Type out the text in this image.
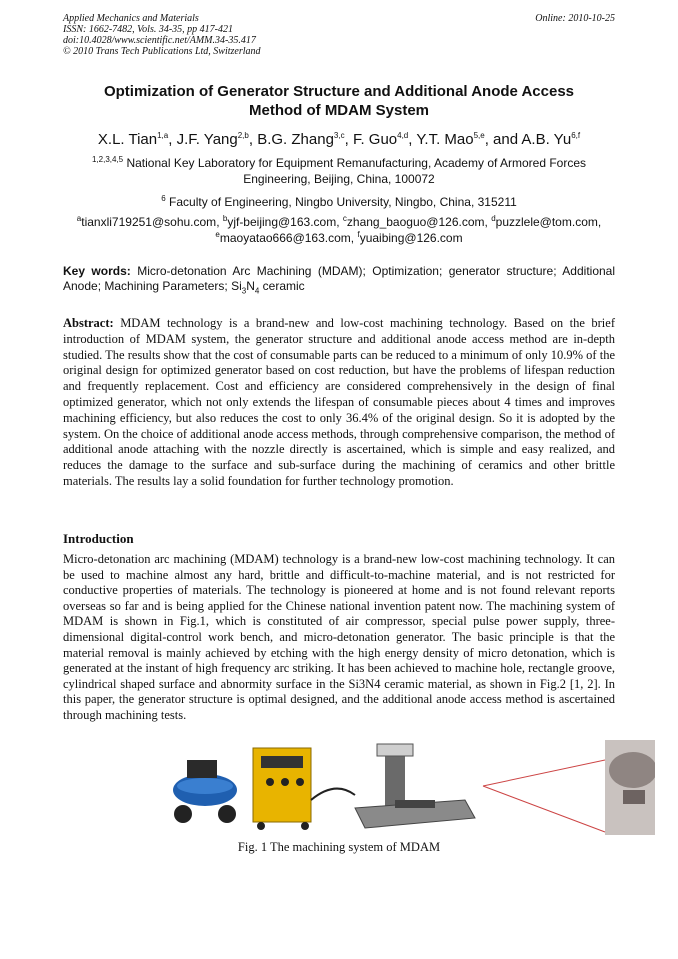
Applied Mechanics and Materials
ISSN: 1662-7482, Vols. 34-35, pp 417-421
doi:10.4028/www.scientific.net/AMM.34-35.417
© 2010 Trans Tech Publications Ltd, Switzerland
Online: 2010-10-25
Optimization of Generator Structure and Additional Anode Access
Method of MDAM System
X.L. Tian$^{1,a}$, J.F. Yang$^{2,b}$, B.G. Zhang$^{3,c}$, F. Guo$^{4,d}$, Y.T. Mao$^{5,e}$, and A.B. Yu$^{6,f}$
$^{1,2,3,4,5}$ National Key Laboratory for Equipment Remanufacturing, Academy of Armored Forces
Engineering, Beijing, China, 100072
$^6$ Faculty of Engineering, Ningbo University, Ningbo, China, 315211
$^a$tianxli719251@sohu.com, $^b$yjf-beijing@163.com, $^c$zhang_baoguo@126.com, $^d$puzzlele@tom.com,
$^e$maoyatao666@163.com, $^f$yuaibing@126.com
Key words: Micro-detonation Arc Machining (MDAM); Optimization; generator structure; Additional Anode; Machining Parameters; $Si_3N_4$ ceramic
Abstract: MDAM technology is a brand-new and low-cost machining technology. Based on the brief introduction of MDAM system, the generator structure and additional anode access method are in-depth studied. The results show that the cost of consumable parts can be reduced to a minimum of only 10.9% of the original design for optimized generator based on cost reduction, but have the problems of lifespan reduction and frequently replacement. Cost and efficiency are considered comprehensively in the design of final optimized generator, which not only extends the lifespan of consumable pieces about 4 times and improves machining efficiency, but also reduces the cost to only 36.4% of the original design. So it is adopted by the system. On the choice of additional anode access methods, through comprehensive comparison, the method of additional anode attaching with the nozzle directly is ascertained, which is simple and easy realized, and reduces the damage to the surface and sub-surface during the machining of ceramics and other brittle materials. The results lay a solid foundation for further technology promotion.
Introduction
Micro-detonation arc machining (MDAM) technology is a brand-new low-cost machining technology. It can be used to machine almost any hard, brittle and difficult-to-machine material, and is not restricted for conductive properties of materials. The technology is pioneered at home and is not found relevant reports overseas so far and is being applied for the Chinese national invention patent now. The machining system of MDAM is shown in Fig.1, which is constituted of air compressor, special pulse power supply, three-dimensional digital-control work bench, and micro-detonation generator. The basic principle is that the material removal is mainly achieved by etching with the high energy density of micro detonation, which is generated at the instant of high frequency arc striking. It has been achieved to machine hole, rectangle groove, cylindrical shaped surface and abnormity surface in the Si3N4 ceramic material, as shown in Fig.2 [1, 2]. In this paper, the generator structure is optimal designed, and the additional anode access method is ascertained through machining tests.
Fig. 1 The machining system of MDAM
